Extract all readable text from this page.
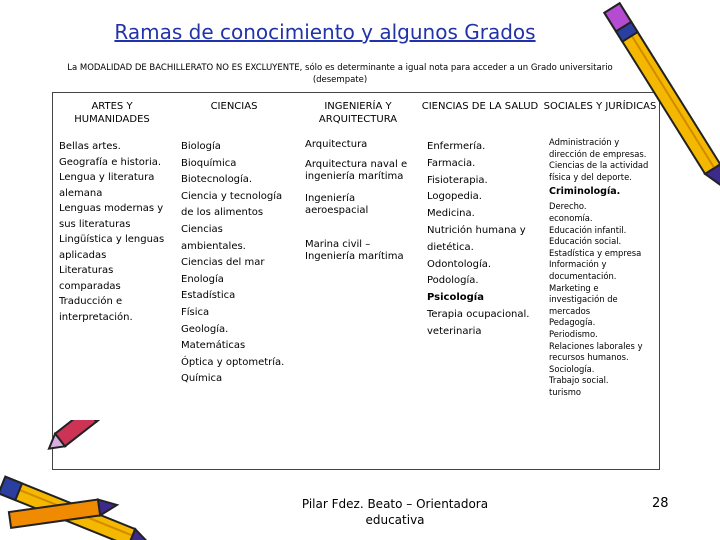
Ramas de conocimiento y algunos Grados
La MODALIDAD DE BACHILLERATO NO ES EXCLUYENTE, sólo es determinante a igual nota para acceder a un Grado universitario (desempate)
ARTES Y HUMANIDADES
Bellas artes.
Geografía e historia.
Lengua y literatura alemana
Lenguas modernas y sus literaturas
Lingüística y lenguas aplicadas
Literaturas comparadas
Traducción e interpretación.
CIENCIAS
Biología
Bioquímica
Biotecnología.
Ciencia y tecnología de los alimentos
Ciencias ambientales.
Ciencias del mar
Enología
Estadística
Física
Geología.
Matemáticas
Óptica y optometría.
Química
INGENIERÍA Y ARQUITECTURA
Arquitectura
Arquitectura naval e ingeniería marítima
Ingeniería aeroespacial
Marina civil – Ingeniería marítima
CIENCIAS DE LA SALUD
Enfermería.
Farmacia.
Fisioterapia.
Logopedia.
Medicina.
Nutrición humana y dietética.
Odontología.
Podología.
Psicología
Terapia ocupacional.
veterinaria
SOCIALES Y JURÍDICAS
Administración y dirección de empresas.
Ciencias de la actividad física y del deporte.
Criminología.
Derecho.
economía.
Educación infantil.
Educación social.
Estadística y empresa
Información y documentación.
Marketing e investigación de mercados
Pedagogía.
Periodismo.
Relaciones laborales y recursos humanos.
Sociología.
Trabajo social.
turismo
Pilar Fdez. Beato – Orientadora educativa
28
